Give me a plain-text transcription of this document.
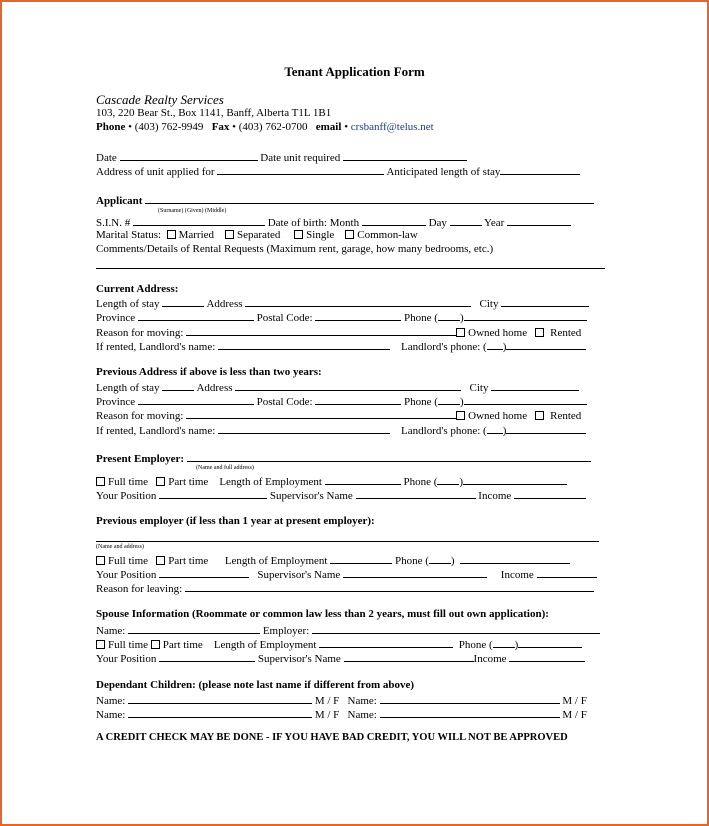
Tenant Application Form
Cascade Realty Services
103, 220 Bear St., Box 1141, Banff, Alberta T1L 1B1
Phone • (403) 762-9949 Fax • (403) 762-0700 email • crsbanff@telus.net
Date	Date unit required
Address of unit applied for	Anticipated length of stay
Applicant
(Surname) (Given) (Middle)
S.I.N. #	Date of birth: Month	Day	Year
Marital Status: Married Separated Single Common-law
Comments/Details of Rental Requests (Maximum rent, garage, how many bedrooms, etc.)
Current Address:
Length of stay	Address	City
Province	Postal Code:	Phone ( )
Reason for moving:	Owned home Rented
If rented, Landlord's name:	Landlord's phone: ( )
Previous Address if above is less than two years:
Length of stay	Address	City
Province	Postal Code:	Phone ( )
Reason for moving:	Owned home Rented
If rented, Landlord's name:	Landlord's phone: ( )
Present Employer:
(Name and full address)
Full time Part time Length of Employment	Phone ( )
Your Position	Supervisor's Name	Income
Previous employer (if less than 1 year at present employer):
(Name and address)
Full time Part time Length of Employment	Phone ( )
Your Position	Supervisor's Name	Income
Reason for leaving:
Spouse Information (Roommate or common law less than 2 years, must fill out own application):
Name:	Employer:
Full time Part time Length of Employment	Phone ( )
Your Position	Supervisor's Name	Income
Dependant Children: (please note last name if different from above)
Name:	M / F Name:	M / F
Name:	M / F Name:	M / F
A CREDIT CHECK MAY BE DONE - IF YOU HAVE BAD CREDIT, YOU WILL NOT BE APPROVED
